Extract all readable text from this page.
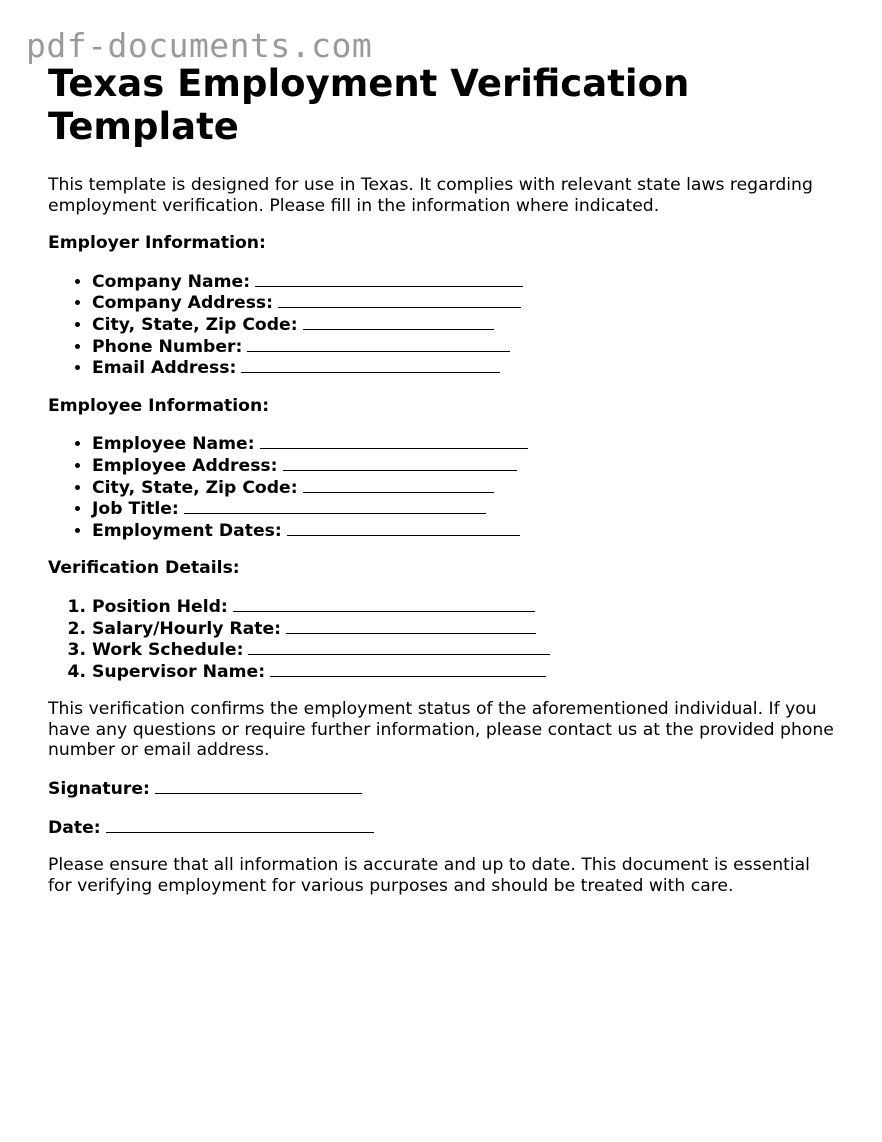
pdf-documents.com
Texas Employment Verification Template

This template is designed for use in Texas. It complies with relevant state laws regarding employment verification. Please fill in the information where indicated.

Employer Information:
• Company Name:
• Company Address:
• City, State, Zip Code:
• Phone Number:
• Email Address:
Employee Information:
• Employee Name:
• Employee Address:
• City, State, Zip Code:
• Job Title:
• Employment Dates:
Verification Details:
1. Position Held:
2. Salary/Hourly Rate:
3. Work Schedule:
4. Supervisor Name:

This verification confirms the employment status of the aforementioned individual. If you have any questions or require further information, please contact us at the provided phone number or email address.

Signature:
Date:

Please ensure that all information is accurate and up to date. This document is essential for verifying employment for various purposes and should be treated with care.
